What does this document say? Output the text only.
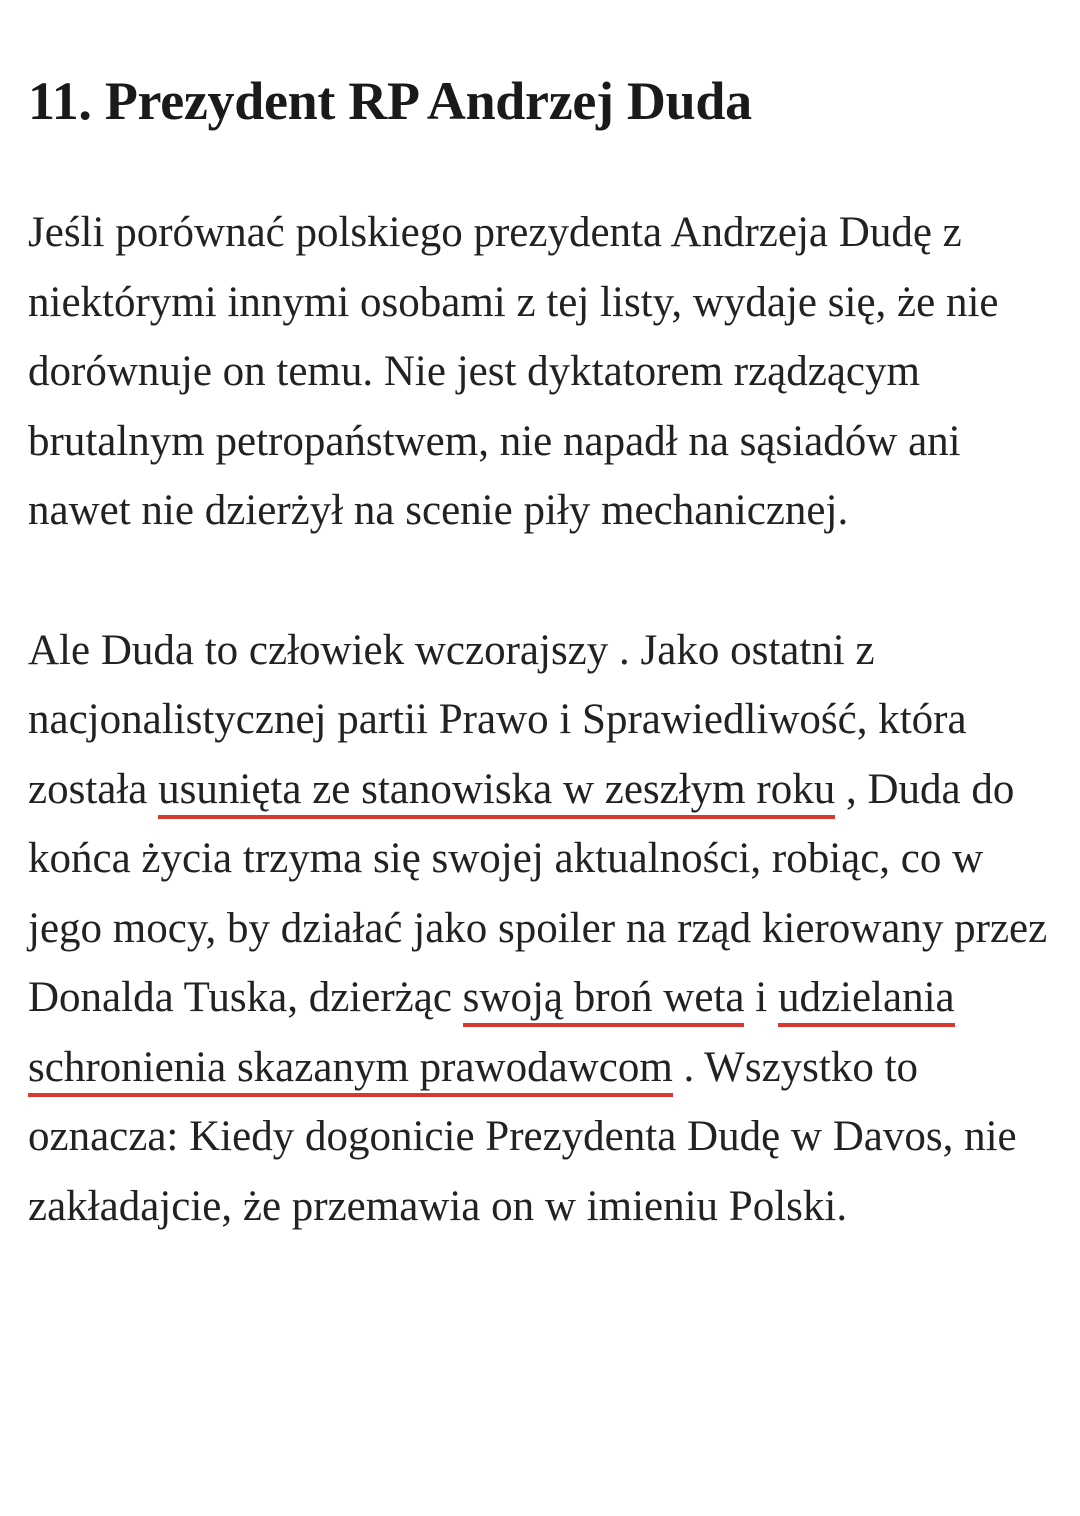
11. Prezydent RP Andrzej Duda

Jeśli porównać polskiego prezydenta Andrzeja Dudę z niektórymi innymi osobami z tej listy, wydaje się, że nie dorównuje on temu. Nie jest dyktatorem rządzącym brutalnym petropaństwem, nie napadł na sąsiadów ani nawet nie dzierżył na scenie piły mechanicznej.

Ale Duda to człowiek wczorajszy . Jako ostatni z nacjonalistycznej partii Prawo i Sprawiedliwość, która została usunięta ze stanowiska w zeszłym roku , Duda do końca życia trzyma się swojej aktualności, robiąc, co w jego mocy, by działać jako spoiler na rząd kierowany przez Donalda Tuska, dzierżąc swoją broń weta i udzielania schronienia skazanym prawodawcom . Wszystko to oznacza: Kiedy dogonicie Prezydenta Dudę w Davos, nie zakładajcie, że przemawia on w imieniu Polski.
